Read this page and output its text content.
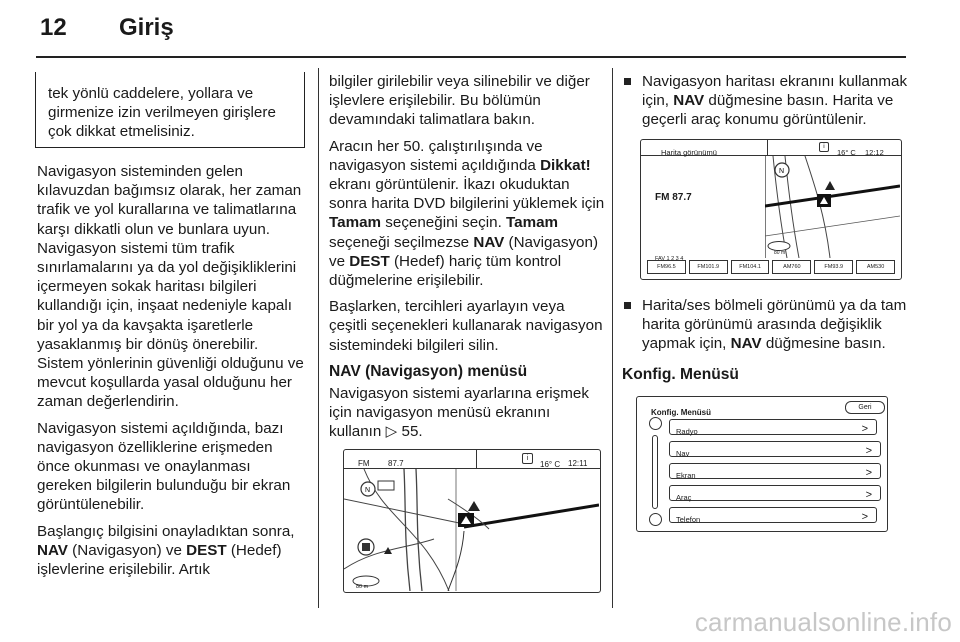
12 Giriş
tek yönlü caddelere, yollara ve girmenize izin verilmeyen girişlere çok dikkat etmelisiniz.

Navigasyon sisteminden gelen kılavuzdan bağımsız olarak, her zaman trafik ve yol kurallarına ve talimatlarına karşı dikkatli olun ve bunlara uyun. Navigasyon sistemi tüm trafik sınırlamalarını ya da yol değişikliklerini içermeyen sokak haritası bilgileri kullandığı için, inşaat nedeniyle kapalı bir yol ya da kavşakta işaretlerle yasaklanmış bir dönüş önerebilir. Sistem yönlerinin güvenliği olduğunu ve mevcut koşullarda yasal olduğunu her zaman değerlendirin.

Navigasyon sistemi açıldığında, bazı navigasyon özelliklerine erişmeden önce okunması ve onaylanması gereken bilgilerin bulunduğu bir ekran görüntülenebilir.

Başlangıç bilgisini onayladıktan sonra, NAV (Navigasyon) ve DEST (Hedef) işlevlerine erişilebilir. Artık

bilgiler girilebilir veya silinebilir ve diğer işlevlere erişilebilir. Bu bölümün devamındaki talimatlara bakın.

Aracın her 50. çalıştırılışında ve navigasyon sistemi açıldığında Dikkat! ekranı görüntülenir. İkazı okuduktan sonra harita DVD bilgilerini yüklemek için Tamam seçeneğini seçin. Tamam seçeneği seçilmezse NAV (Navigasyon) ve DEST (Hedef) hariç tüm kontrol düğmelerine erişilebilir.

Başlarken, tercihleri ayarlayın veya çeşitli seçenekleri kullanarak navigasyon sistemindeki bilgileri silin.

NAV (Navigasyon) menüsü

Navigasyon sistemi ayarlarına erişmek için navigasyon menüsü ekranını kullanın ▷ 55.

FM 87.7
i
16° C 12:11
N
80 m
Navigasyon haritası ekranını kullanmak için, NAV düğmesine basın. Harita ve geçerli araç konumu görüntülenir.
Harita görünümü
i
16° C 12:12
FM 87.7
FAV 1 2 3 4
N
80 m
FM96.5	FM101.9	FM104.1	AM760	FM93.9	AM530
Harita/ses bölmeli görünümü ya da tam harita görünümü arasında değişiklik yapmak için, NAV düğmesine basın.
Konfig. Menüsü
Konfig. Menüsü
Geri
Radyo	>
Nav	>
Ekran	>
Araç	>
Telefon	>
carmanualsonline.info
